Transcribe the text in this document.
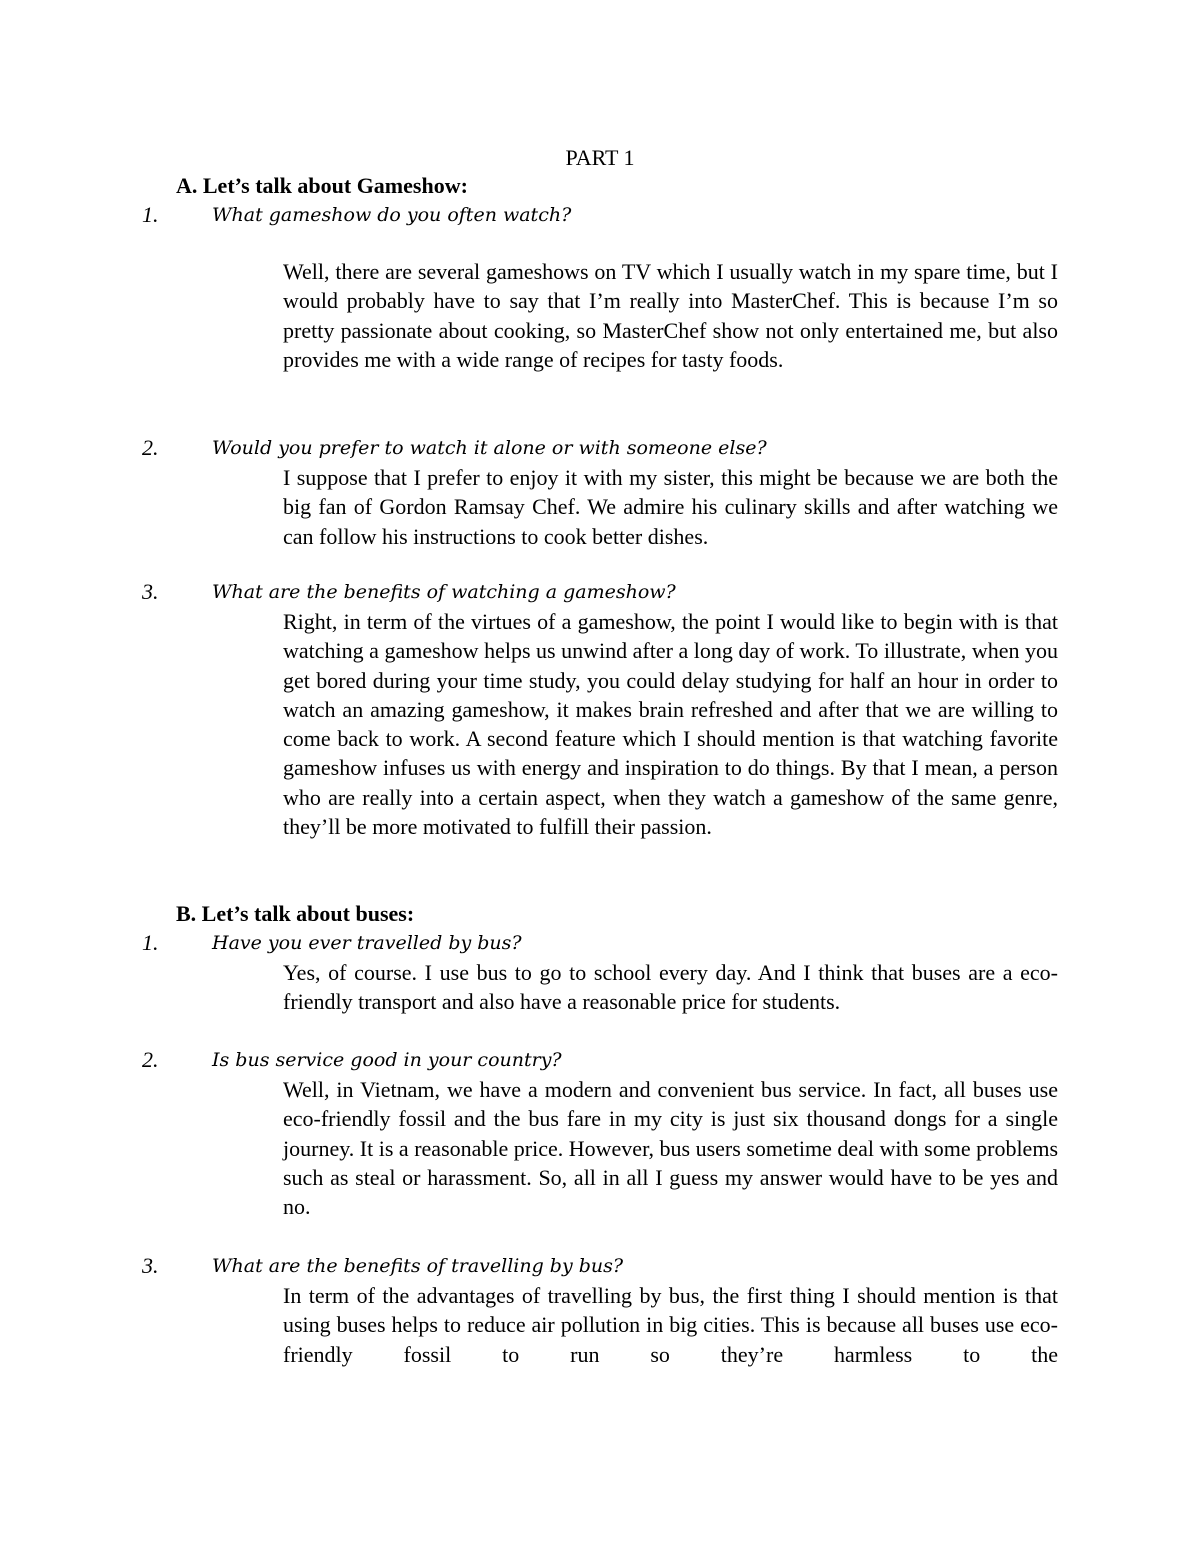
PART 1
A. Let’s talk about Gameshow:
1.	What gameshow do you often watch?

Well, there are several gameshows on TV which I usually watch in my spare time, but I would probably have to say that I’m really into MasterChef. This is because I’m so pretty passionate about cooking, so MasterChef show not only entertained me, but also provides me with a wide range of recipes for tasty foods.

2.	Would you prefer to watch it alone or with someone else?

I suppose that I prefer to enjoy it with my sister, this might be because we are both the big fan of Gordon Ramsay Chef. We admire his culinary skills and after watching we can follow his instructions to cook better dishes.

3.	What are the benefits of watching a gameshow?

Right, in term of the virtues of a gameshow, the point I would like to begin with is that watching a gameshow helps us unwind after a long day of work. To illustrate, when you get bored during your time study, you could delay studying for half an hour in order to watch an amazing gameshow, it makes brain refreshed and after that we are willing to come back to work. A second feature which I should mention is that watching favorite gameshow infuses us with energy and inspiration to do things. By that I mean, a person who are really into a certain aspect, when they watch a gameshow of the same genre, they’ll be more motivated to fulfill their passion.

B. Let’s talk about buses:
1.	Have you ever travelled by bus?

Yes, of course. I use bus to go to school every day. And I think that buses are a eco-friendly transport and also have a reasonable price for students.

2.	Is bus service good in your country?

Well, in Vietnam, we have a modern and convenient bus service. In fact, all buses use eco-friendly fossil and the bus fare in my city is just six thousand dongs for a single journey. It is a reasonable price. However, bus users sometime deal with some problems such as steal or harassment. So, all in all I guess my answer would have to be yes and no.

3.	What are the benefits of travelling by bus?

In term of the advantages of travelling by bus, the first thing I should mention is that using buses helps to reduce air pollution in big cities. This is because all buses use eco-friendly fossil to run so they’re harmless to the
